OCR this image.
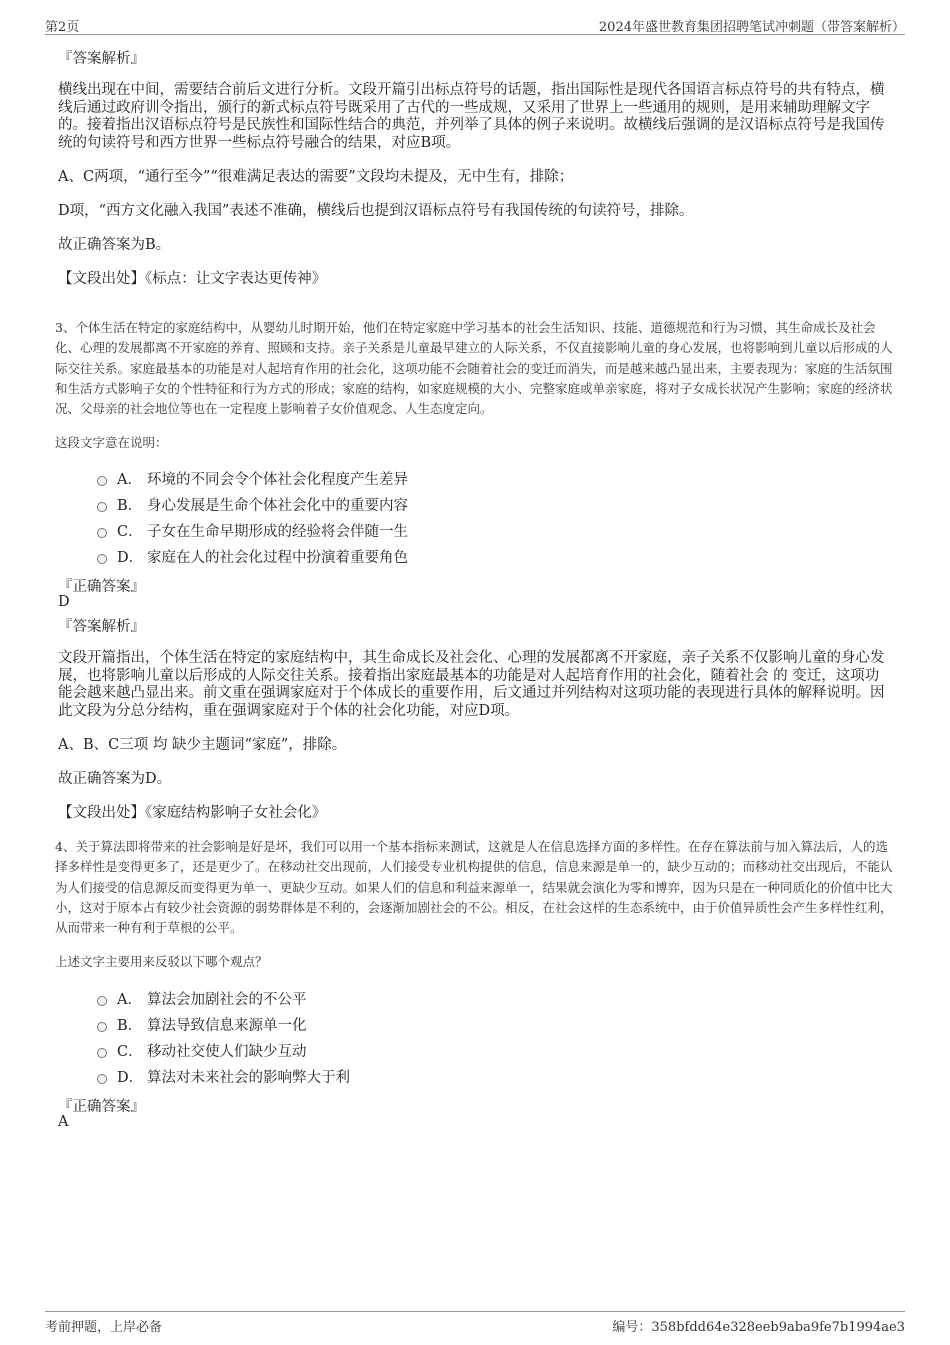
第2页	2024年盛世教育集团招聘笔试冲刺题（带答案解析）
『答案解析』
横线出现在中间，需要结合前后文进行分析。文段开篇引出标点符号的话题，指出国际性是现代各国语言标点符号的共有特点，横线后通过政府训令指出，颁行的新式标点符号既采用了古代的一些成规，又采用了世界上一些通用的规则，是用来辅助理解文字的。接着指出汉语标点符号是民族性和国际性结合的典范，并列举了具体的例子来说明。故横线后强调的是汉语标点符号是我国传统的句读符号和西方世界一些标点符号融合的结果，对应B项。
A、C两项，“通行至今”“很难满足表达的需要”文段均未提及，无中生有，排除；
D项，“西方文化融入我国”表述不准确，横线后也提到汉语标点符号有我国传统的句读符号，排除。
故正确答案为B。
【文段出处】《标点：让文字表达更传神》
3、个体生活在特定的家庭结构中，从婴幼儿时期开始，他们在特定家庭中学习基本的社会生活知识、技能、道德规范和行为习惯，其生命成长及社会化、心理的发展都离不开家庭的养育、照顾和支持。亲子关系是儿童最早建立的人际关系，不仅直接影响儿童的身心发展，也将影响到儿童以后形成的人际交往关系。家庭最基本的功能是对人起培育作用的社会化，这项功能不会随着社会的变迁而消失，而是越来越凸显出来，主要表现为：家庭的生活氛围和生活方式影响子女的个性特征和行为方式的形成；家庭的结构，如家庭规模的大小、完整家庭或单亲家庭，将对子女成长状况产生影响；家庭的经济状况、父母亲的社会地位等也在一定程度上影响着子女价值观念、人生态度定向。
这段文字意在说明：
A． 环境的不同会令个体社会化程度产生差异
B． 身心发展是生命个体社会化中的重要内容
C． 子女在生命早期形成的经验将会伴随一生
D． 家庭在人的社会化过程中扮演着重要角色
『正确答案』
D
『答案解析』
文段开篇指出，个体生活在特定的家庭结构中，其生命成长及社会化、心理的发展都离不开家庭，亲子关系不仅影响儿童的身心发展，也将影响儿童以后形成的人际交往关系。接着指出家庭最基本的功能是对人起培育作用的社会化，随着社会 的 变迁，这项功能会越来越凸显出来。前文重在强调家庭对于个体成长的重要作用，后文通过并列结构对这项功能的表现进行具体的解释说明。因此文段为分总分结构，重在强调家庭对于个体的社会化功能，对应D项。
A、B、C三项 均 缺少主题词“家庭”，排除。
故正确答案为D。
【文段出处】《家庭结构影响子女社会化》
4、关于算法即将带来的社会影响是好是坏，我们可以用一个基本指标来测试，这就是人在信息选择方面的多样性。在存在算法前与加入算法后，人的选择多样性是变得更多了，还是更少了。在移动社交出现前，人们接受专业机构提供的信息，信息来源是单一的，缺少互动的；而移动社交出现后，不能认为人们接受的信息源反而变得更为单一、更缺少互动。如果人们的信息和利益来源单一，结果就会演化为零和博弈，因为只是在一种同质化的价值中比大小，这对于原本占有较少社会资源的弱势群体是不利的，会逐渐加剧社会的不公。相反，在社会这样的生态系统中，由于价值异质性会产生多样性红利，从而带来一种有利于草根的公平。
上述文字主要用来反驳以下哪个观点？
A． 算法会加剧社会的不公平
B． 算法导致信息来源单一化
C． 移动社交使人们缺少互动
D． 算法对未来社会的影响弊大于利
『正确答案』
A
考前押题，上岸必备	编号：358bfdd64e328eeb9aba9fe7b1994ae3
